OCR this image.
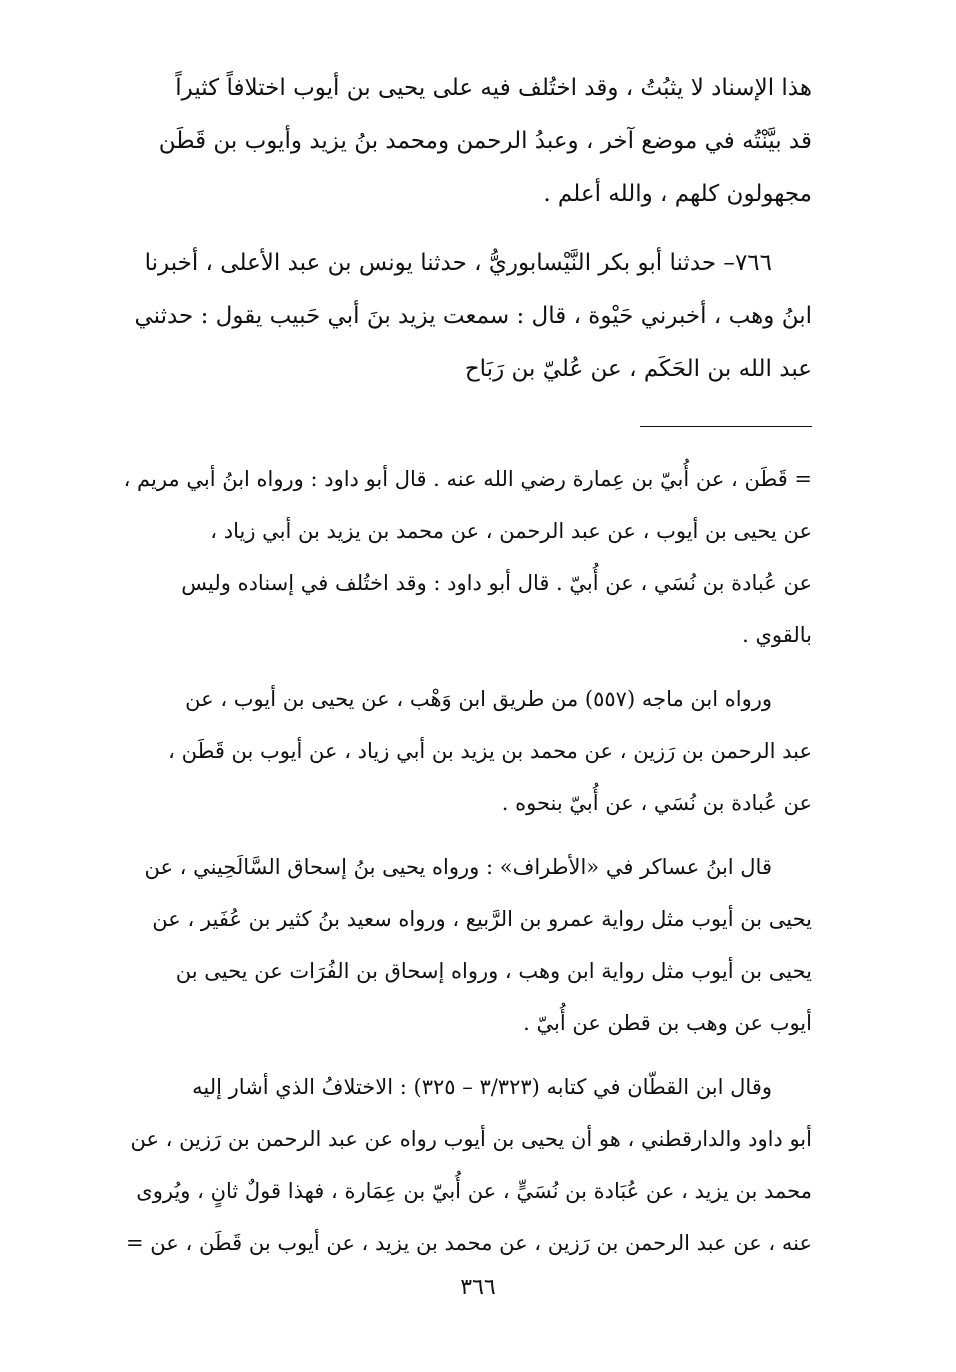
هذا الإسناد لا يثبُتُ ، وقد اختُلف فيه على يحيى بن أيوب اختلافاً كثيراً
قد بيَّنْتُه في موضع آخر ، وعبدُ الرحمن ومحمد بنُ يزيد وأيوب بن قَطَن
مجهولون كلهم ، والله أعلم .

٧٦٦– حدثنا أبو بكر النَّيْسابوريُّ ، حدثنا يونس بن عبد الأعلى ، أخبرنا
ابنُ وهب ، أخبرني حَيْوة ، قال : سمعت يزيد بنَ أبي حَبيب يقول : حدثني
عبد الله بن الحَكَم ، عن عُليّ بن رَبَاح

= قَطَن ، عن أُبيّ بن عِمارة رضي الله عنه . قال أبو داود : ورواه ابنُ أبي مريم ،
عن يحيى بن أيوب ، عن عبد الرحمن ، عن محمد بن يزيد بن أبي زياد ،
عن عُبادة بن نُسَي ، عن أُبيّ . قال أبو داود : وقد اختُلف في إسناده وليس
بالقوي .

ورواه ابن ماجه (٥٥٧) من طريق ابن وَهْب ، عن يحيى بن أيوب ، عن
عبد الرحمن بن رَزين ، عن محمد بن يزيد بن أبي زياد ، عن أيوب بن قَطَن ،
عن عُبادة بن نُسَي ، عن أُبيّ بنحوه .

قال ابنُ عساكر في «الأطراف» : ورواه يحيى بنُ إسحاق السَّالَحِيني ، عن
يحيى بن أيوب مثل رواية عمرو بن الرَّبيع ، ورواه سعيد بنُ كثير بن عُفَير ، عن
يحيى بن أيوب مثل رواية ابن وهب ، ورواه إسحاق بن الفُرَات عن يحيى بن
أيوب عن وهب بن قطن عن أُبيّ .

وقال ابن القطّان في كتابه (٣/٣٢٣ – ٣٢٥) : الاختلافُ الذي أشار إليه
أبو داود والدارقطني ، هو أن يحيى بن أيوب رواه عن عبد الرحمن بن رَزين ، عن
محمد بن يزيد ، عن عُبَادة بن نُسَيٍّ ، عن أُبيّ بن عِمَارة ، فهذا قولٌ ثانٍ ، ويُروى
عنه ، عن عبد الرحمن بن رَزين ، عن محمد بن يزيد ، عن أيوب بن قَطَن ، عن =

٣٦٦
